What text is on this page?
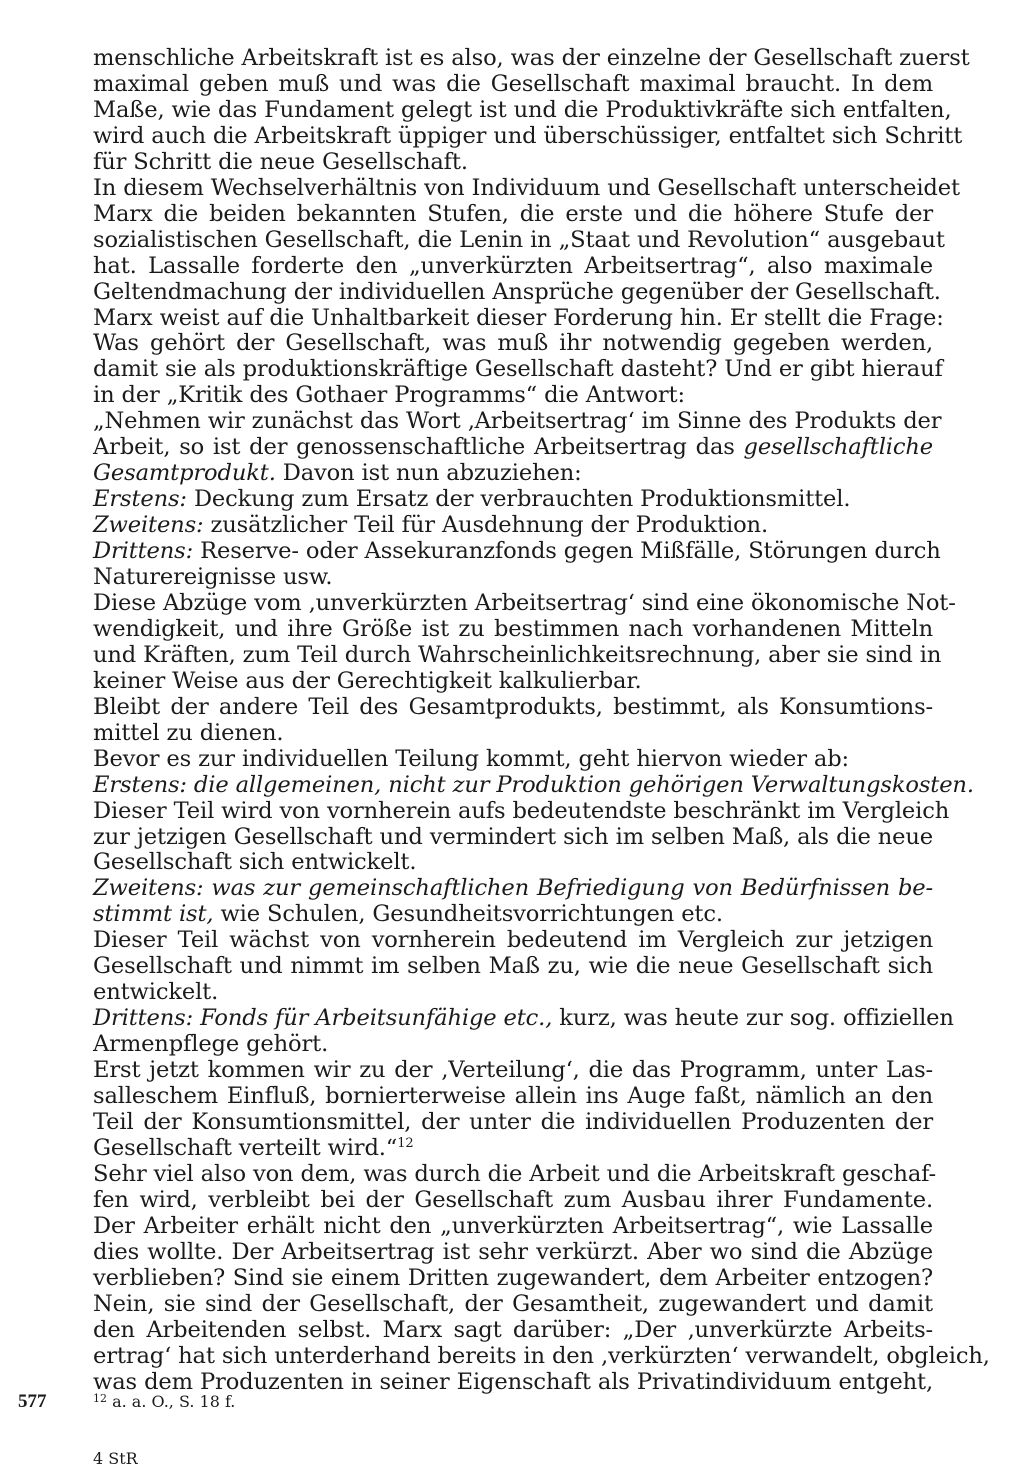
menschliche Arbeitskraft ist es also, was der einzelne der Gesellschaft zuerst
maximal geben muß und was die Gesellschaft maximal braucht. In dem
Maße, wie das Fundament gelegt ist und die Produktivkräfte sich entfalten,
wird auch die Arbeitskraft üppiger und überschüssiger, entfaltet sich Schritt
für Schritt die neue Gesellschaft.
In diesem Wechselverhältnis von Individuum und Gesellschaft unterscheidet
Marx die beiden bekannten Stufen, die erste und die höhere Stufe der
sozialistischen Gesellschaft, die Lenin in „Staat und Revolution“ ausgebaut
hat. Lassalle forderte den „unverkürzten Arbeitsertrag“, also maximale
Geltendmachung der individuellen Ansprüche gegenüber der Gesellschaft.
Marx weist auf die Unhaltbarkeit dieser Forderung hin. Er stellt die Frage:
Was gehört der Gesellschaft, was muß ihr notwendig gegeben werden,
damit sie als produktionskräftige Gesellschaft dasteht? Und er gibt hierauf
in der „Kritik des Gothaer Programms“ die Antwort:
„Nehmen wir zunächst das Wort ‚Arbeitsertrag‘ im Sinne des Produkts der
Arbeit, so ist der genossenschaftliche Arbeitsertrag das gesellschaftliche
Gesamtprodukt. Davon ist nun abzuziehen:
Erstens: Deckung zum Ersatz der verbrauchten Produktionsmittel.
Zweitens: zusätzlicher Teil für Ausdehnung der Produktion.
Drittens: Reserve- oder Assekuranzfonds gegen Mißfälle, Störungen durch
Naturereignisse usw.
Diese Abzüge vom ‚unverkürzten Arbeitsertrag‘ sind eine ökonomische Not-
wendigkeit, und ihre Größe ist zu bestimmen nach vorhandenen Mitteln
und Kräften, zum Teil durch Wahrscheinlichkeitsrechnung, aber sie sind in
keiner Weise aus der Gerechtigkeit kalkulierbar.
Bleibt der andere Teil des Gesamtprodukts, bestimmt, als Konsumtions-
mittel zu dienen.
Bevor es zur individuellen Teilung kommt, geht hiervon wieder ab:
Erstens: die allgemeinen, nicht zur Produktion gehörigen Verwaltungskosten.
Dieser Teil wird von vornherein aufs bedeutendste beschränkt im Vergleich
zur jetzigen Gesellschaft und vermindert sich im selben Maß, als die neue
Gesellschaft sich entwickelt.
Zweitens: was zur gemeinschaftlichen Befriedigung von Bedürfnissen be-
stimmt ist, wie Schulen, Gesundheitsvorrichtungen etc.
Dieser Teil wächst von vornherein bedeutend im Vergleich zur jetzigen
Gesellschaft und nimmt im selben Maß zu, wie die neue Gesellschaft sich
entwickelt.
Drittens: Fonds für Arbeitsunfähige etc., kurz, was heute zur sog. offiziellen
Armenpflege gehört.
Erst jetzt kommen wir zu der ‚Verteilung‘, die das Programm, unter Las-
salleschem Einfluß, bornierterweise allein ins Auge faßt, nämlich an den
Teil der Konsumtionsmittel, der unter die individuellen Produzenten der
Gesellschaft verteilt wird.“$^{12}$
Sehr viel also von dem, was durch die Arbeit und die Arbeitskraft geschaf-
fen wird, verbleibt bei der Gesellschaft zum Ausbau ihrer Fundamente.
Der Arbeiter erhält nicht den „unverkürzten Arbeitsertrag“, wie Lassalle
dies wollte. Der Arbeitsertrag ist sehr verkürzt. Aber wo sind die Abzüge
verblieben? Sind sie einem Dritten zugewandert, dem Arbeiter entzogen?
Nein, sie sind der Gesellschaft, der Gesamtheit, zugewandert und damit
den Arbeitenden selbst. Marx sagt darüber: „Der ‚unverkürzte Arbeits-
ertrag‘ hat sich unterderhand bereits in den ‚verkürzten‘ verwandelt, obgleich,
was dem Produzenten in seiner Eigenschaft als Privatindividuum entgeht,
577	$^{12}$ a. a. O., S. 18 f.
4 StR
